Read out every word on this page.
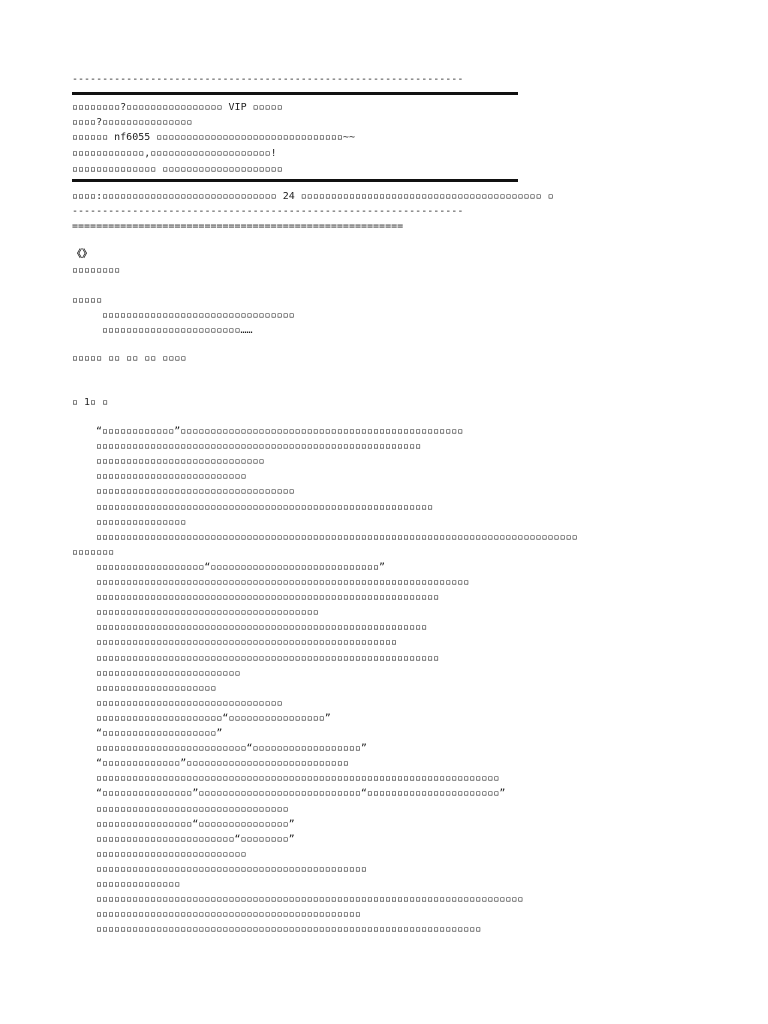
-----------------------------------------------------------------
▫▫▫▫▫▫▫▫?▫▫▫▫▫▫▫▫▫▫▫▫▫▫▫▫ VIP ▫▫▫▫▫
▫▫▫▫?▫▫▫▫▫▫▫▫▫▫▫▫▫▫▫
▫▫▫▫▫▫ nf6055 ▫▫▫▫▫▫▫▫▫▫▫▫▫▫▫▫▫▫▫▫▫▫▫▫▫▫▫▫▫▫▫~~
▫▫▫▫▫▫▫▫▫▫▫▫,▫▫▫▫▫▫▫▫▫▫▫▫▫▫▫▫▫▫▫▫!
▫▫▫▫▫▫▫▫▫▫▫▫▫▫ ▫▫▫▫▫▫▫▫▫▫▫▫▫▫▫▫▫▫▫▫
▫▫▫▫:▫▫▫▫▫▫▫▫▫▫▫▫▫▫▫▫▫▫▫▫▫▫▫▫▫▫▫▫▫ 24 ▫▫▫▫▫▫▫▫▫▫▫▫▫▫▫▫▫▫▫▫▫▫▫▫▫▫▫▫▫▫▫▫▫▫▫▫▫▫▫▫ ▫
-----------------------------------------------------------------
=======================================================
《》
▫▫▫▫▫▫▫▫
▫▫▫▫▫
▫▫▫▫▫▫▫▫▫▫▫▫▫▫▫▫▫▫▫▫▫▫▫▫▫▫▫▫▫▫▫▫
▫▫▫▫▫▫▫▫▫▫▫▫▫▫▫▫▫▫▫▫▫▫▫……
▫▫▫▫▫ ▫▫ ▫▫ ▫▫ ▫▫▫▫
▫ 1▫ ▫
“▫▫▫▫▫▫▫▫▫▫▫▫”▫▫▫▫▫▫▫▫▫▫▫▫▫▫▫▫▫▫▫▫▫▫▫▫▫▫▫▫▫▫▫▫▫▫▫▫▫▫▫▫▫▫▫▫▫▫▫
▫▫▫▫▫▫▫▫▫▫▫▫▫▫▫▫▫▫▫▫▫▫▫▫▫▫▫▫▫▫▫▫▫▫▫▫▫▫▫▫▫▫▫▫▫▫▫▫▫▫▫▫▫▫
▫▫▫▫▫▫▫▫▫▫▫▫▫▫▫▫▫▫▫▫▫▫▫▫▫▫▫▫
▫▫▫▫▫▫▫▫▫▫▫▫▫▫▫▫▫▫▫▫▫▫▫▫▫
▫▫▫▫▫▫▫▫▫▫▫▫▫▫▫▫▫▫▫▫▫▫▫▫▫▫▫▫▫▫▫▫▫
▫▫▫▫▫▫▫▫▫▫▫▫▫▫▫▫▫▫▫▫▫▫▫▫▫▫▫▫▫▫▫▫▫▫▫▫▫▫▫▫▫▫▫▫▫▫▫▫▫▫▫▫▫▫▫▫
▫▫▫▫▫▫▫▫▫▫▫▫▫▫▫
▫▫▫▫▫▫▫▫▫▫▫▫▫▫▫▫▫▫▫▫▫▫▫▫▫▫▫▫▫▫▫▫▫▫▫▫▫▫▫▫▫▫▫▫▫▫▫▫▫▫▫▫▫▫▫▫▫▫▫▫▫▫▫▫▫▫▫▫▫▫▫▫▫▫▫▫▫▫▫▫
▫▫▫▫▫▫▫
▫▫▫▫▫▫▫▫▫▫▫▫▫▫▫▫▫▫“▫▫▫▫▫▫▫▫▫▫▫▫▫▫▫▫▫▫▫▫▫▫▫▫▫▫▫▫”
▫▫▫▫▫▫▫▫▫▫▫▫▫▫▫▫▫▫▫▫▫▫▫▫▫▫▫▫▫▫▫▫▫▫▫▫▫▫▫▫▫▫▫▫▫▫▫▫▫▫▫▫▫▫▫▫▫▫▫▫▫▫
▫▫▫▫▫▫▫▫▫▫▫▫▫▫▫▫▫▫▫▫▫▫▫▫▫▫▫▫▫▫▫▫▫▫▫▫▫▫▫▫▫▫▫▫▫▫▫▫▫▫▫▫▫▫▫▫▫
▫▫▫▫▫▫▫▫▫▫▫▫▫▫▫▫▫▫▫▫▫▫▫▫▫▫▫▫▫▫▫▫▫▫▫▫▫
▫▫▫▫▫▫▫▫▫▫▫▫▫▫▫▫▫▫▫▫▫▫▫▫▫▫▫▫▫▫▫▫▫▫▫▫▫▫▫▫▫▫▫▫▫▫▫▫▫▫▫▫▫▫▫
▫▫▫▫▫▫▫▫▫▫▫▫▫▫▫▫▫▫▫▫▫▫▫▫▫▫▫▫▫▫▫▫▫▫▫▫▫▫▫▫▫▫▫▫▫▫▫▫▫▫
▫▫▫▫▫▫▫▫▫▫▫▫▫▫▫▫▫▫▫▫▫▫▫▫▫▫▫▫▫▫▫▫▫▫▫▫▫▫▫▫▫▫▫▫▫▫▫▫▫▫▫▫▫▫▫▫▫
▫▫▫▫▫▫▫▫▫▫▫▫▫▫▫▫▫▫▫▫▫▫▫▫
▫▫▫▫▫▫▫▫▫▫▫▫▫▫▫▫▫▫▫▫
▫▫▫▫▫▫▫▫▫▫▫▫▫▫▫▫▫▫▫▫▫▫▫▫▫▫▫▫▫▫▫
▫▫▫▫▫▫▫▫▫▫▫▫▫▫▫▫▫▫▫▫▫“▫▫▫▫▫▫▫▫▫▫▫▫▫▫▫▫”
“▫▫▫▫▫▫▫▫▫▫▫▫▫▫▫▫▫▫▫”
▫▫▫▫▫▫▫▫▫▫▫▫▫▫▫▫▫▫▫▫▫▫▫▫▫“▫▫▫▫▫▫▫▫▫▫▫▫▫▫▫▫▫▫”
“▫▫▫▫▫▫▫▫▫▫▫▫▫”▫▫▫▫▫▫▫▫▫▫▫▫▫▫▫▫▫▫▫▫▫▫▫▫▫▫▫
▫▫▫▫▫▫▫▫▫▫▫▫▫▫▫▫▫▫▫▫▫▫▫▫▫▫▫▫▫▫▫▫▫▫▫▫▫▫▫▫▫▫▫▫▫▫▫▫▫▫▫▫▫▫▫▫▫▫▫▫▫▫▫▫▫▫▫
“▫▫▫▫▫▫▫▫▫▫▫▫▫▫▫”▫▫▫▫▫▫▫▫▫▫▫▫▫▫▫▫▫▫▫▫▫▫▫▫▫▫▫“▫▫▫▫▫▫▫▫▫▫▫▫▫▫▫▫▫▫▫▫▫▫”
▫▫▫▫▫▫▫▫▫▫▫▫▫▫▫▫▫▫▫▫▫▫▫▫▫▫▫▫▫▫▫▫
▫▫▫▫▫▫▫▫▫▫▫▫▫▫▫▫“▫▫▫▫▫▫▫▫▫▫▫▫▫▫▫”
▫▫▫▫▫▫▫▫▫▫▫▫▫▫▫▫▫▫▫▫▫▫▫“▫▫▫▫▫▫▫▫”
▫▫▫▫▫▫▫▫▫▫▫▫▫▫▫▫▫▫▫▫▫▫▫▫▫
▫▫▫▫▫▫▫▫▫▫▫▫▫▫▫▫▫▫▫▫▫▫▫▫▫▫▫▫▫▫▫▫▫▫▫▫▫▫▫▫▫▫▫▫▫
▫▫▫▫▫▫▫▫▫▫▫▫▫▫
▫▫▫▫▫▫▫▫▫▫▫▫▫▫▫▫▫▫▫▫▫▫▫▫▫▫▫▫▫▫▫▫▫▫▫▫▫▫▫▫▫▫▫▫▫▫▫▫▫▫▫▫▫▫▫▫▫▫▫▫▫▫▫▫▫▫▫▫▫▫▫
▫▫▫▫▫▫▫▫▫▫▫▫▫▫▫▫▫▫▫▫▫▫▫▫▫▫▫▫▫▫▫▫▫▫▫▫▫▫▫▫▫▫▫▫
▫▫▫▫▫▫▫▫▫▫▫▫▫▫▫▫▫▫▫▫▫▫▫▫▫▫▫▫▫▫▫▫▫▫▫▫▫▫▫▫▫▫▫▫▫▫▫▫▫▫▫▫▫▫▫▫▫▫▫▫▫▫▫▫
